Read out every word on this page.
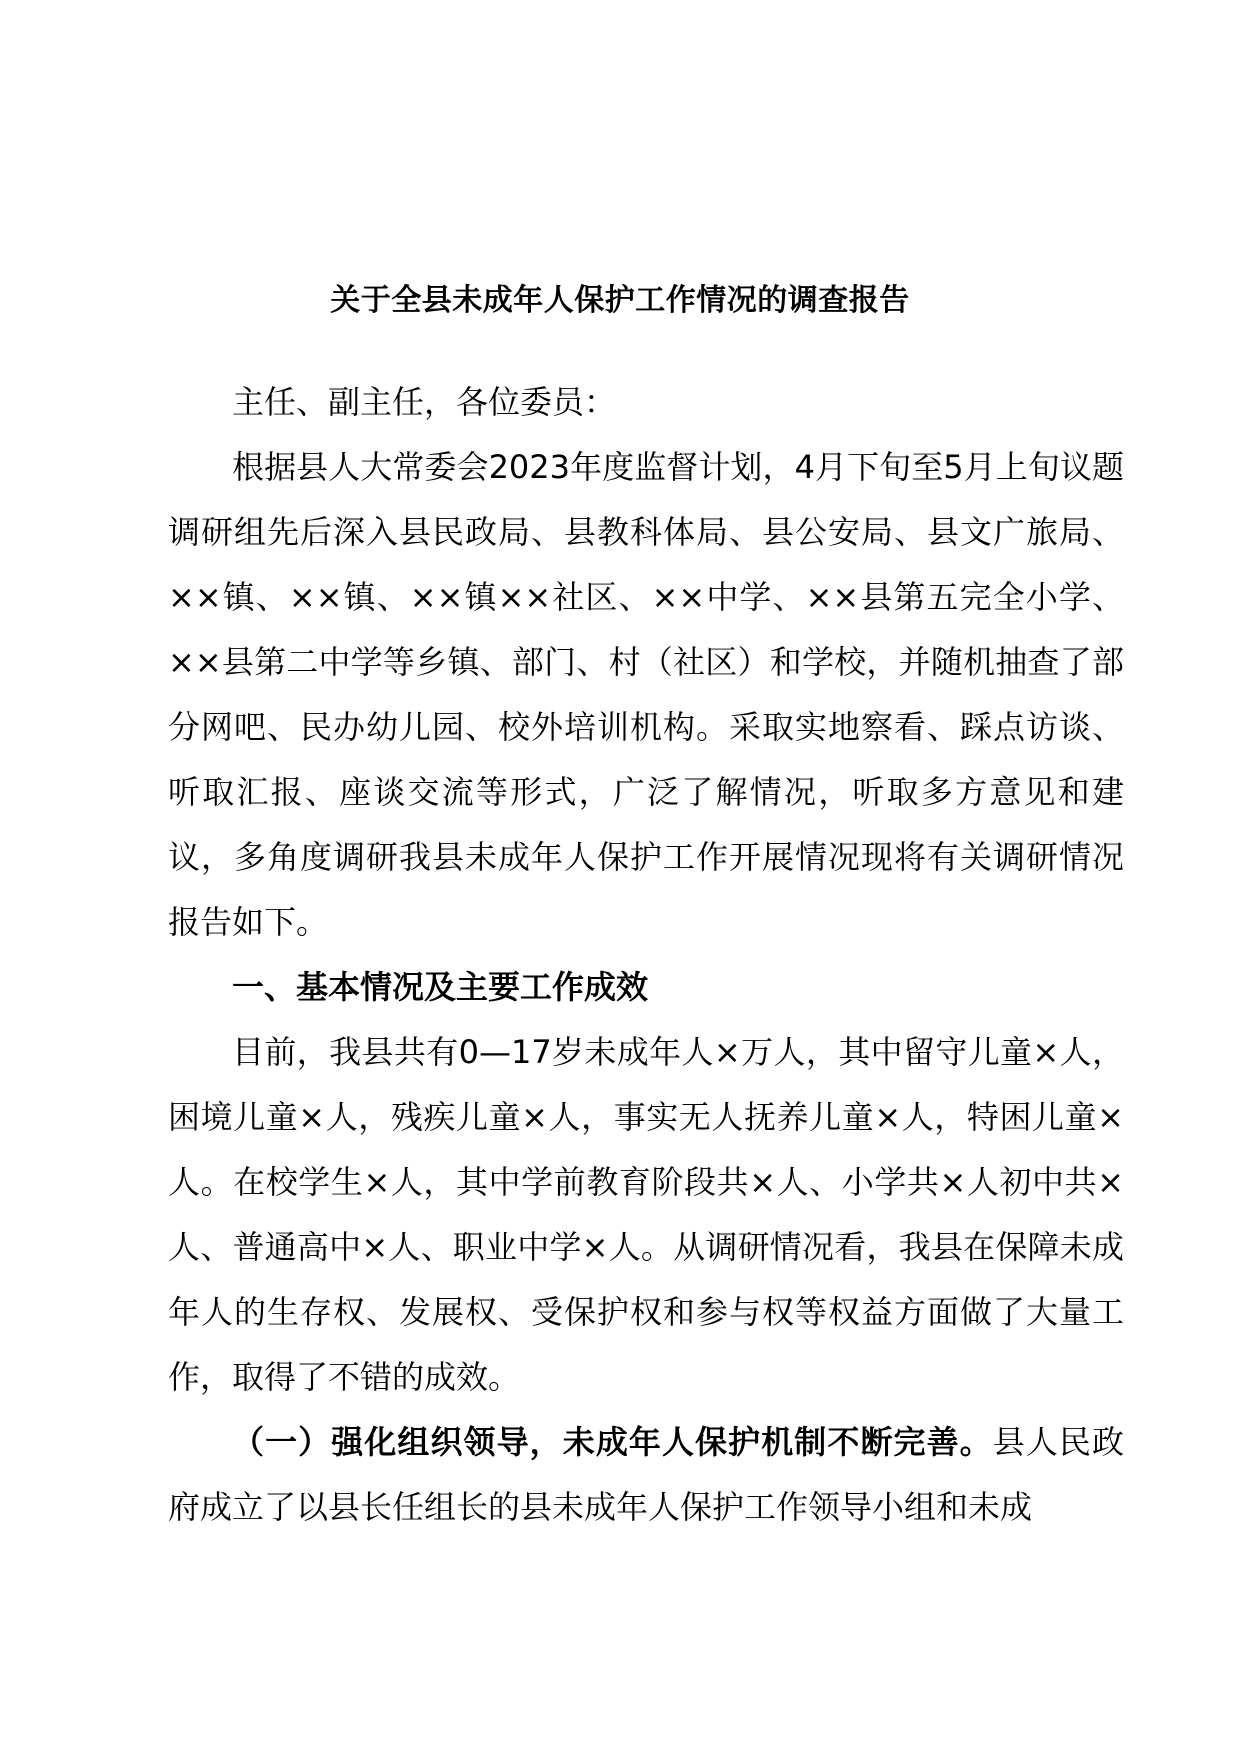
关于全县未成年人保护工作情况的调查报告

主任、副主任，各位委员：

根据县人大常委会2023年度监督计划，4月下旬至5月上旬议题调研组先后深入县民政局、县教科体局、县公安局、县文广旅局、××镇、××镇、××镇××社区、××中学、××县第五完全小学、××县第二中学等乡镇、部门、村（社区）和学校，并随机抽查了部分网吧、民办幼儿园、校外培训机构。采取实地察看、踩点访谈、听取汇报、座谈交流等形式，广泛了解情况，听取多方意见和建议，多角度调研我县未成年人保护工作开展情况现将有关调研情况报告如下。

一、基本情况及主要工作成效

目前，我县共有0—17岁未成年人×万人，其中留守儿童×人，困境儿童×人，残疾儿童×人，事实无人抚养儿童×人，特困儿童×人。在校学生×人，其中学前教育阶段共×人、小学共×人初中共×人、普通高中×人、职业中学×人。从调研情况看，我县在保障未成年人的生存权、发展权、受保护权和参与权等权益方面做了大量工作，取得了不错的成效。

（一）强化组织领导，未成年人保护机制不断完善。县人民政府成立了以县长任组长的县未成年人保护工作领导小组和未成
